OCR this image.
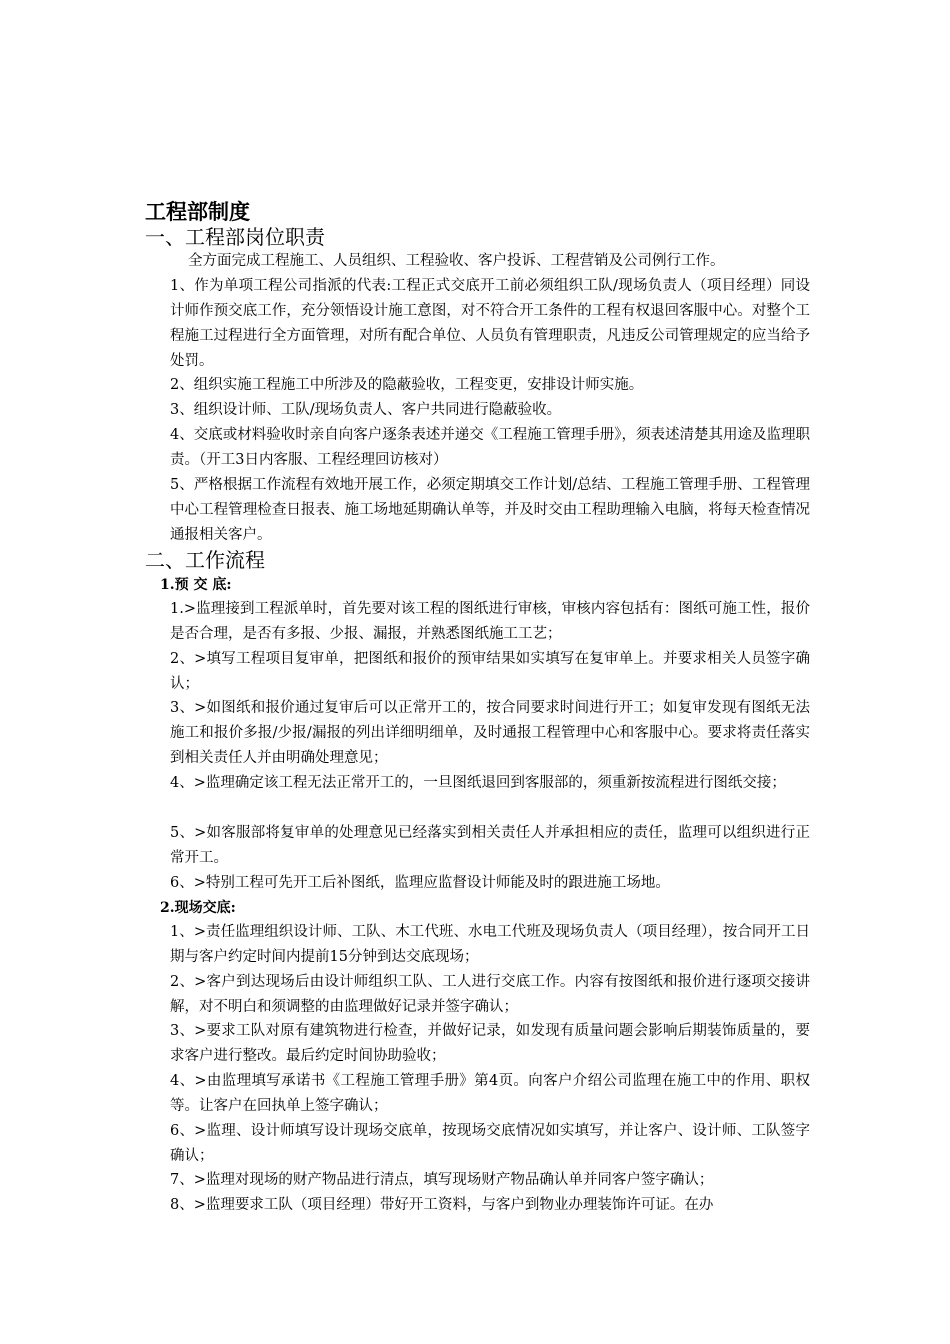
工程部制度
一、工程部岗位职责
全方面完成工程施工、人员组织、工程验收、客户投诉、工程营销及公司例行工作。
1、作为单项工程公司指派的代表:工程正式交底开工前必须组织工队/现场负责人（项目经理）同设计师作预交底工作，充分领悟设计施工意图，对不符合开工条件的工程有权退回客服中心。对整个工程施工过程进行全方面管理，对所有配合单位、人员负有管理职责，凡违反公司管理规定的应当给予处罚。
2、组织实施工程施工中所涉及的隐蔽验收，工程变更，安排设计师实施。
3、组织设计师、工队/现场负责人、客户共同进行隐蔽验收。
4、交底或材料验收时亲自向客户逐条表述并递交《工程施工管理手册》，须表述清楚其用途及监理职责。（开工3日内客服、工程经理回访核对）
5、严格根据工作流程有效地开展工作，必须定期填交工作计划/总结、工程施工管理手册、工程管理中心工程管理检查日报表、施工场地延期确认单等，并及时交由工程助理输入电脑，将每天检查情况通报相关客户。
二、工作流程
1.预 交 底:
1.>监理接到工程派单时，首先要对该工程的图纸进行审核，审核内容包括有：图纸可施工性，报价是否合理，是否有多报、少报、漏报，并熟悉图纸施工工艺；
2、>填写工程项目复审单，把图纸和报价的预审结果如实填写在复审单上。并要求相关人员签字确认；
3、>如图纸和报价通过复审后可以正常开工的，按合同要求时间进行开工；如复审发现有图纸无法施工和报价多报/少报/漏报的列出详细明细单，及时通报工程管理中心和客服中心。要求将责任落实到相关责任人并由明确处理意见；
4、>监理确定该工程无法正常开工的，一旦图纸退回到客服部的，须重新按流程进行图纸交接；
5、>如客服部将复审单的处理意见已经落实到相关责任人并承担相应的责任，监理可以组织进行正常开工。
6、>特别工程可先开工后补图纸，监理应监督设计师能及时的跟进施工场地。
2.现场交底:
1、>责任监理组织设计师、工队、木工代班、水电工代班及现场负责人（项目经理），按合同开工日期与客户约定时间内提前15分钟到达交底现场；
2、>客户到达现场后由设计师组织工队、工人进行交底工作。内容有按图纸和报价进行逐项交接讲解，对不明白和须调整的由监理做好记录并签字确认；
3、>要求工队对原有建筑物进行检查，并做好记录，如发现有质量问题会影响后期装饰质量的，要求客户进行整改。最后约定时间协助验收；
4、>由监理填写承诺书《工程施工管理手册》第4页。向客户介绍公司监理在施工中的作用、职权等。让客户在回执单上签字确认；
6、>监理、设计师填写设计现场交底单，按现场交底情况如实填写，并让客户、设计师、工队签字确认；
7、>监理对现场的财产物品进行清点，填写现场财产物品确认单并同客户签字确认；
8、>监理要求工队（项目经理）带好开工资料，与客户到物业办理装饰许可证。在办
